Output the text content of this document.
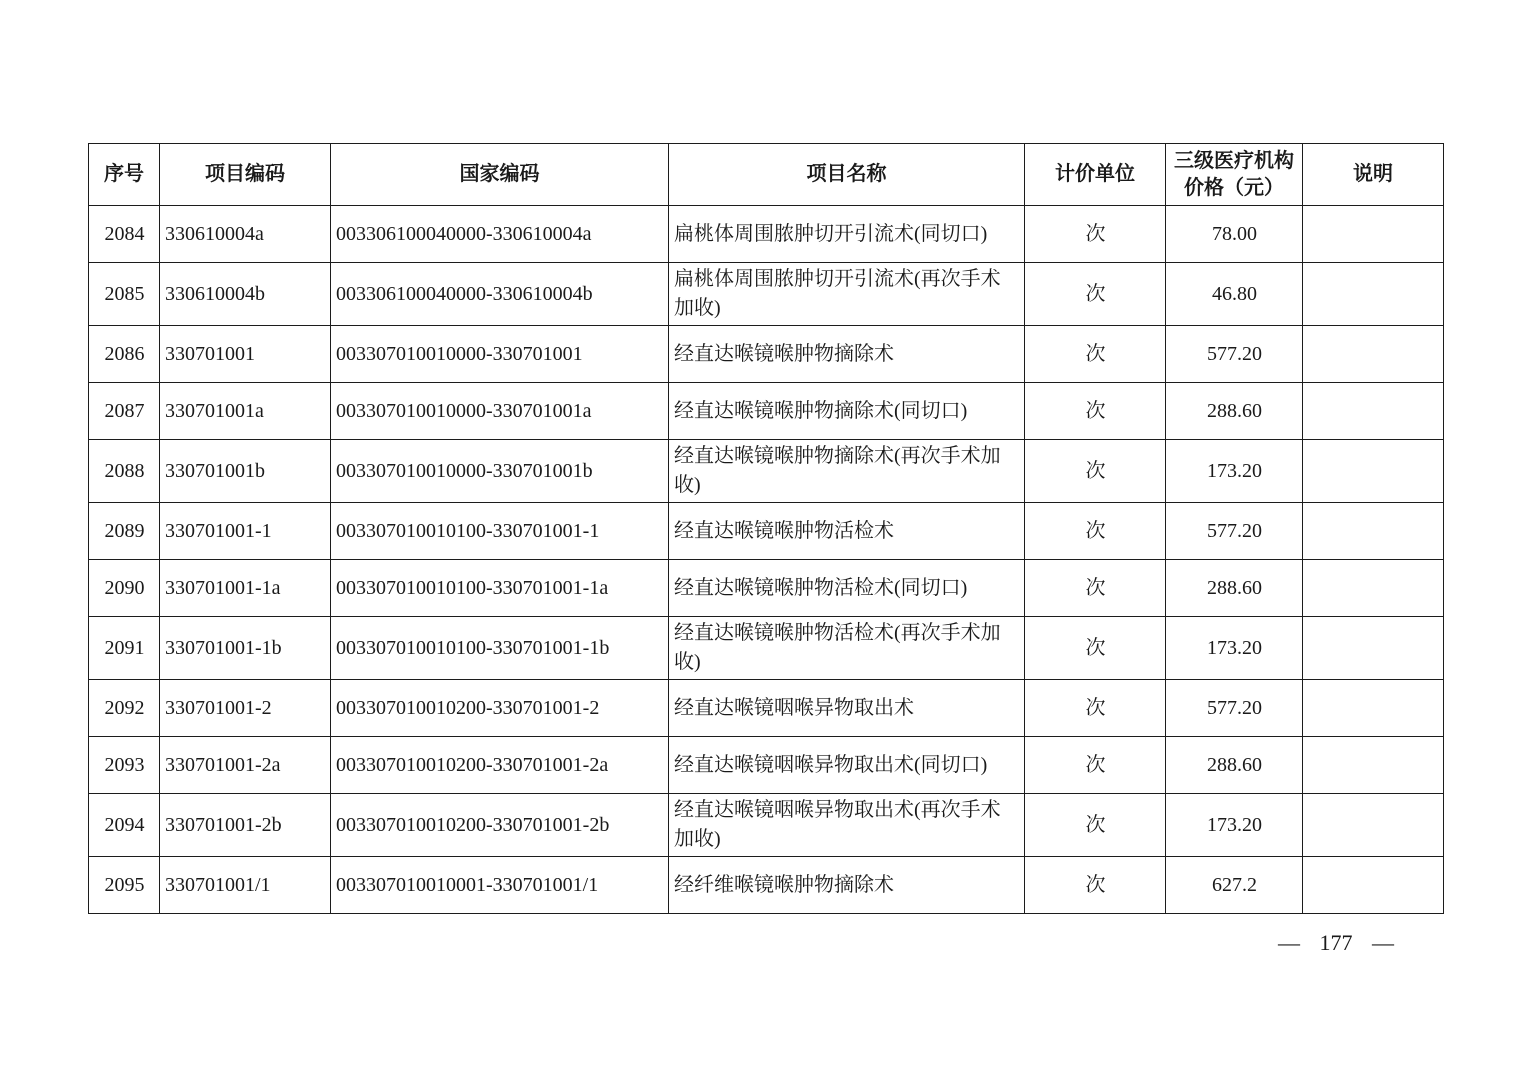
序号	项目编码	国家编码	项目名称	计价单位	三级医疗机构价格（元）	说明
2084	330610004a	003306100040000-330610004a	扁桃体周围脓肿切开引流术(同切口)	次	78.00	
2085	330610004b	003306100040000-330610004b	扁桃体周围脓肿切开引流术(再次手术加收)	次	46.80	
2086	330701001	003307010010000-330701001	经直达喉镜喉肿物摘除术	次	577.20	
2087	330701001a	003307010010000-330701001a	经直达喉镜喉肿物摘除术(同切口)	次	288.60	
2088	330701001b	003307010010000-330701001b	经直达喉镜喉肿物摘除术(再次手术加收)	次	173.20	
2089	330701001-1	003307010010100-330701001-1	经直达喉镜喉肿物活检术	次	577.20	
2090	330701001-1a	003307010010100-330701001-1a	经直达喉镜喉肿物活检术(同切口)	次	288.60	
2091	330701001-1b	003307010010100-330701001-1b	经直达喉镜喉肿物活检术(再次手术加收)	次	173.20	
2092	330701001-2	003307010010200-330701001-2	经直达喉镜咽喉异物取出术	次	577.20	
2093	330701001-2a	003307010010200-330701001-2a	经直达喉镜咽喉异物取出术(同切口)	次	288.60	
2094	330701001-2b	003307010010200-330701001-2b	经直达喉镜咽喉异物取出术(再次手术加收)	次	173.20	
2095	330701001/1	003307010010001-330701001/1	经纤维喉镜喉肿物摘除术	次	627.2	
— 177 —
